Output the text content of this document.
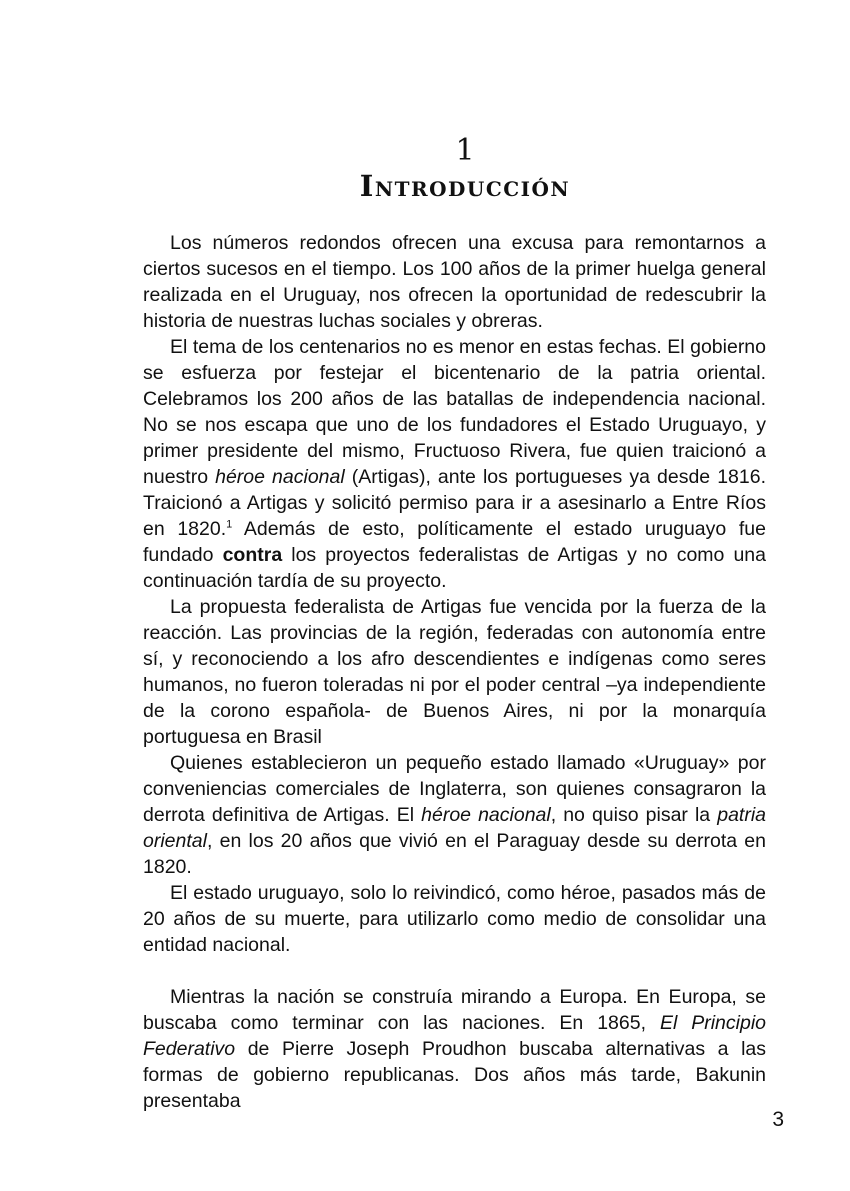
1
Introducción

Los números redondos ofrecen una excusa para remontarnos a ciertos sucesos en el tiempo. Los 100 años de la primer huelga general realizada en el Uruguay, nos ofrecen la oportunidad de redescubrir la historia de nuestras luchas sociales y obreras.

El tema de los centenarios no es menor en estas fechas. El gobierno se esfuerza por festejar el bicentenario de la patria oriental. Celebramos los 200 años de las batallas de independencia nacional. No se nos escapa que uno de los fundadores el Estado Uruguayo, y primer presidente del mismo, Fructuoso Rivera, fue quien traicionó a nuestro héroe nacional (Artigas), ante los portugueses ya desde 1816. Traicionó a Artigas y solicitó permiso para ir a asesinarlo a Entre Ríos en 1820.$^1$ Además de esto, políticamente el estado uruguayo fue fundado contra los proyectos federalistas de Artigas y no como una continuación tardía de su proyecto.

La propuesta federalista de Artigas fue vencida por la fuerza de la reacción. Las provincias de la región, federadas con autonomía entre sí, y reconociendo a los afro descendientes e indígenas como seres humanos, no fueron toleradas ni por el poder central –ya independiente de la corono española- de Buenos Aires, ni por la monarquía portuguesa en Brasil

Quienes establecieron un pequeño estado llamado «Uruguay» por conveniencias comerciales de Inglaterra, son quienes consagraron la derrota definitiva de Artigas. El héroe nacional, no quiso pisar la patria oriental, en los 20 años que vivió en el Paraguay desde su derrota en 1820.

El estado uruguayo, solo lo reivindicó, como héroe, pasados más de 20 años de su muerte, para utilizarlo como medio de consolidar una entidad nacional.

Mientras la nación se construía mirando a Europa. En Europa, se buscaba como terminar con las naciones. En 1865, El Principio Federativo de Pierre Joseph Proudhon buscaba alternativas a las formas de gobierno republicanas. Dos años más tarde, Bakunin presentaba

3
